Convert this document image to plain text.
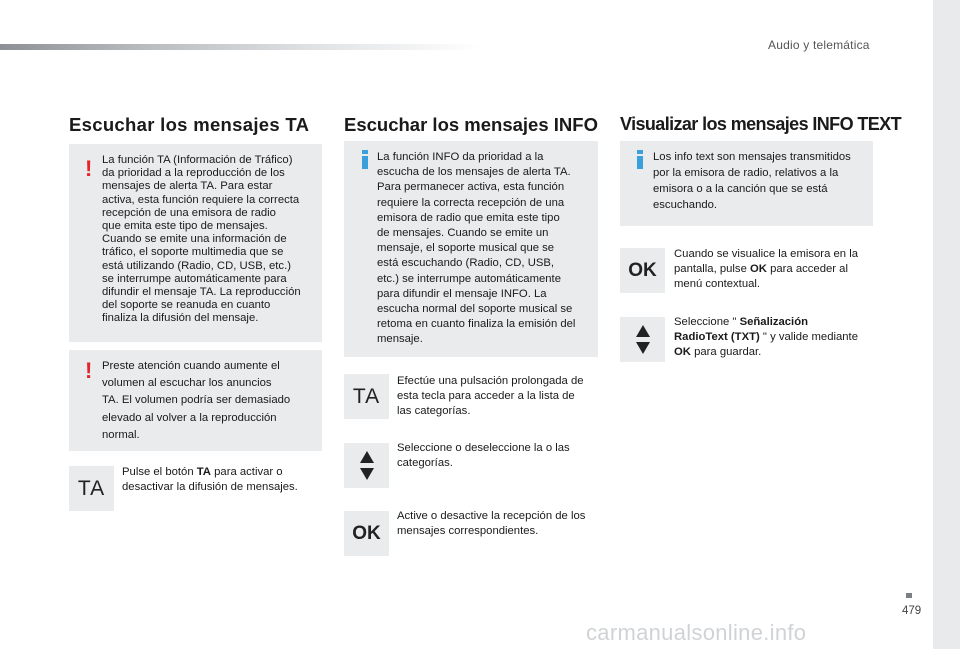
Audio y telemática
Escuchar los mensajes TA
! La función TA (Información de Tráfico)
da prioridad a la reproducción de los
mensajes de alerta TA. Para estar
activa, esta función requiere la correcta
recepción de una emisora de radio
que emita este tipo de mensajes.
Cuando se emite una información de
tráfico, el soporte multimedia que se
está utilizando (Radio, CD, USB, etc.)
se interrumpe automáticamente para
difundir el mensaje TA. La reproducción
del soporte se reanuda en cuanto
finaliza la difusión del mensaje.

! Preste atención cuando aumente el
volumen al escuchar los anuncios
TA. El volumen podría ser demasiado
elevado al volver a la reproducción
normal.

TA
Pulse el botón TA para activar o
desactivar la difusión de mensajes.
Escuchar los mensajes INFO

La función INFO da prioridad a la
escucha de los mensajes de alerta TA.
Para permanecer activa, esta función
requiere la correcta recepción de una
emisora de radio que emita este tipo
de mensajes. Cuando se emite un
mensaje, el soporte musical que se
está escuchando (Radio, CD, USB,
etc.) se interrumpe automáticamente
para difundir el mensaje INFO. La
escucha normal del soporte musical se
retoma en cuanto finaliza la emisión del
mensaje.

TA
Efectúe una pulsación prolongada de
esta tecla para acceder a la lista de
las categorías.
Seleccione o deseleccione la o las
categorías.
OK
Active o desactive la recepción de los
mensajes correspondientes.
Visualizar los mensajes INFO TEXT

Los info text son mensajes transmitidos
por la emisora de radio, relativos a la
emisora o a la canción que se está
escuchando.

OK
Cuando se visualice la emisora en la
pantalla, pulse OK para acceder al
menú contextual.
Seleccione " Señalización
RadioText (TXT) " y valide mediante
OK para guardar.
479
carmanualsonline.info
